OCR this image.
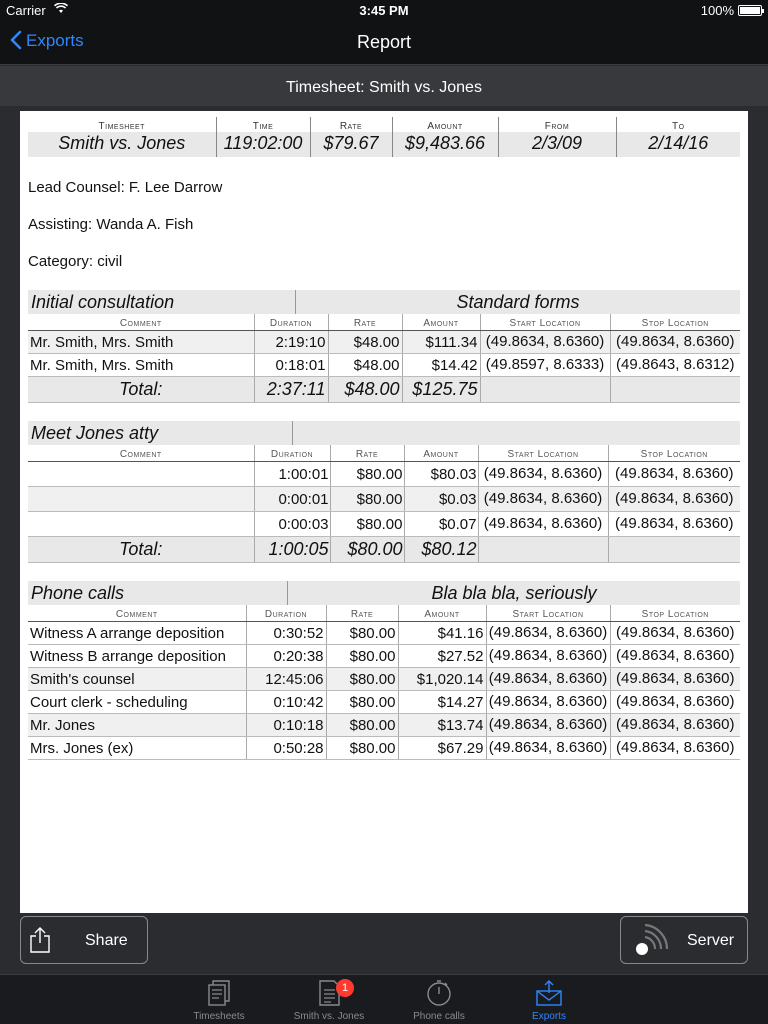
Carrier	3:45 PM	100%
Exports	Report
Timesheet: Smith vs. Jones
Timesheet	Time	Rate	Amount	From	To
Smith vs. Jones	119:02:00	$79.67	$9,483.66	2/3/09	2/14/16
Lead Counsel: F. Lee Darrow
Assisting: Wanda A. Fish
Category: civil
Initial consultation	Standard forms
Comment	Duration	Rate	Amount	Start Location	Stop Location
Mr. Smith, Mrs. Smith	2:19:10	$48.00	$111.34	(49.8634, 8.6360)	(49.8634, 8.6360)
Mr. Smith, Mrs. Smith	0:18:01	$48.00	$14.42	(49.8597, 8.6333)	(49.8643, 8.6312)
Total:	2:37:11	$48.00	$125.75		
Meet Jones atty
Comment	Duration	Rate	Amount	Start Location	Stop Location
	1:00:01	$80.00	$80.03	(49.8634, 8.6360)	(49.8634, 8.6360)
	0:00:01	$80.00	$0.03	(49.8634, 8.6360)	(49.8634, 8.6360)
	0:00:03	$80.00	$0.07	(49.8634, 8.6360)	(49.8634, 8.6360)
Total:	1:00:05	$80.00	$80.12		
Phone calls	Bla bla bla, seriously
Comment	Duration	Rate	Amount	Start Location	Stop Location
Witness A arrange deposition	0:30:52	$80.00	$41.16	(49.8634, 8.6360)	(49.8634, 8.6360)
Witness B arrange deposition	0:20:38	$80.00	$27.52	(49.8634, 8.6360)	(49.8634, 8.6360)
Smith's counsel	12:45:06	$80.00	$1,020.14	(49.8634, 8.6360)	(49.8634, 8.6360)
Court clerk - scheduling	0:10:42	$80.00	$14.27	(49.8634, 8.6360)	(49.8634, 8.6360)
Mr. Jones	0:10:18	$80.00	$13.74	(49.8634, 8.6360)	(49.8634, 8.6360)
Mrs. Jones (ex)	0:50:28	$80.00	$67.29	(49.8634, 8.6360)	(49.8634, 8.6360)
Share	Server
Timesheets
1
Smith vs. Jones	Phone calls	Exports
